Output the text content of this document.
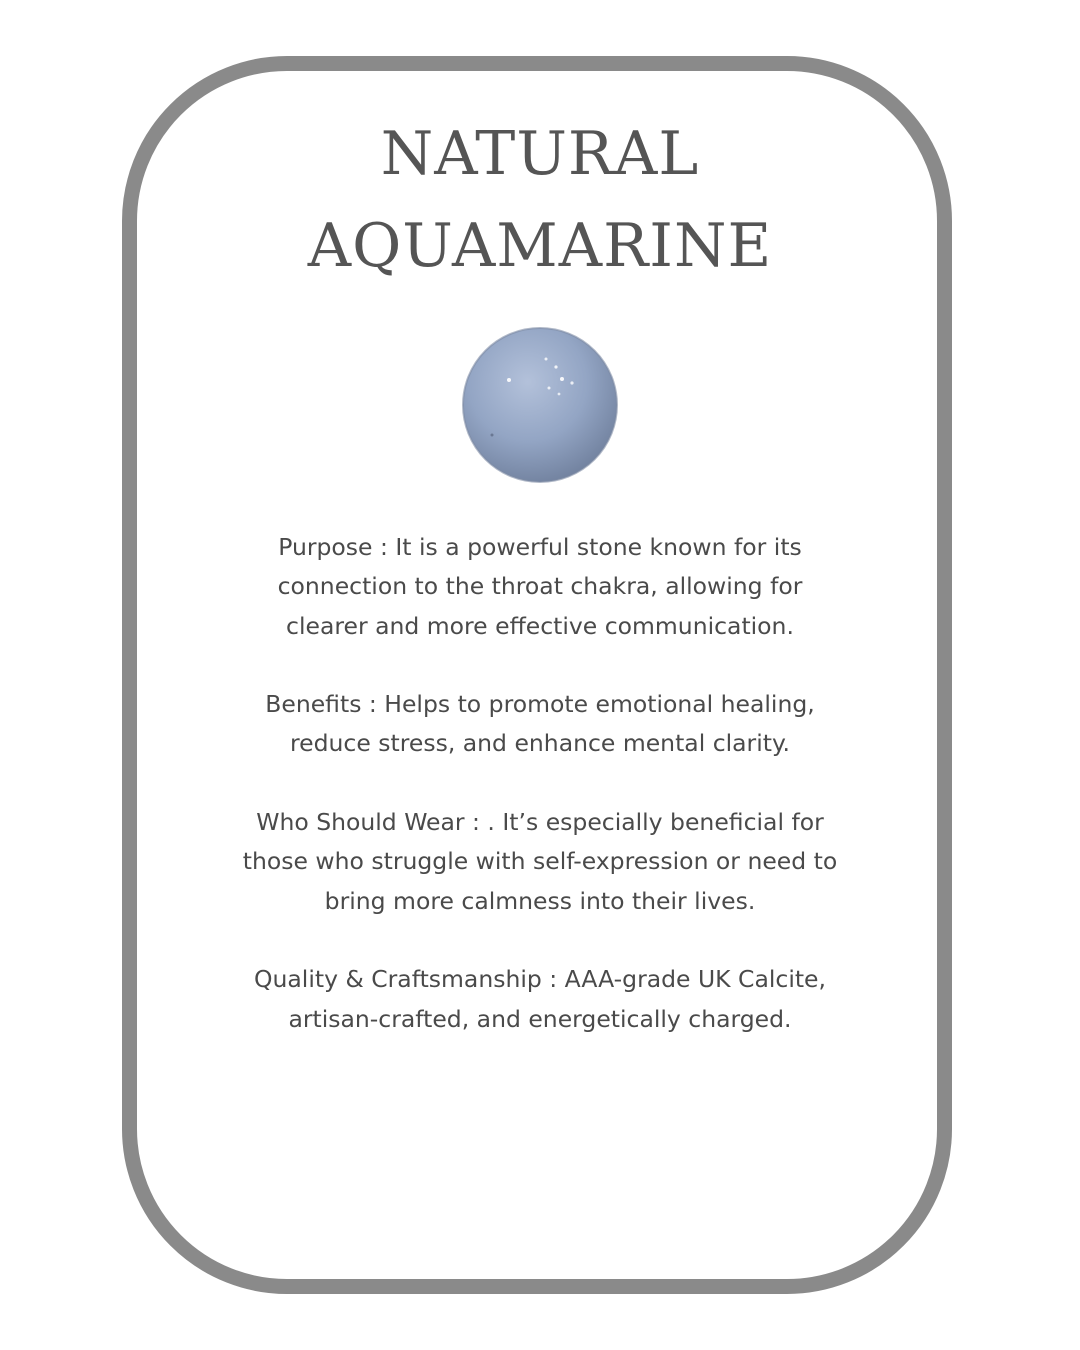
NATURAL
AQUAMARINE

Purpose : It is a powerful stone known for its connection to the throat chakra, allowing for clearer and more effective communication.

Benefits : Helps to promote emotional healing, reduce stress, and enhance mental clarity.

Who Should Wear : . It’s especially beneficial for those who struggle with self-expression or need to bring more calmness into their lives.

Quality & Craftsmanship : AAA-grade UK Calcite, artisan-crafted, and energetically charged.
